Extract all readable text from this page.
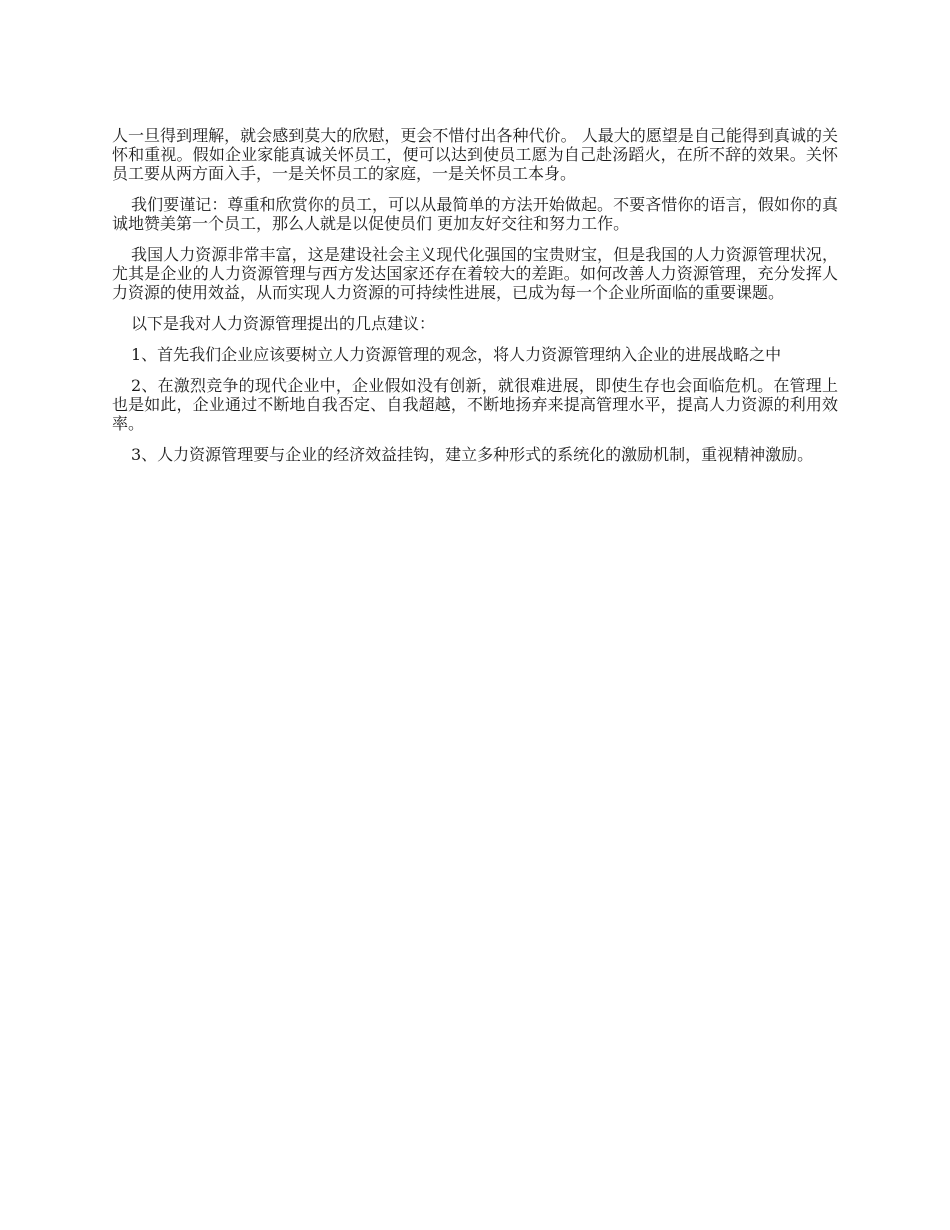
人一旦得到理解，就会感到莫大的欣慰，更会不惜付出各种代价。 人最大的愿望是自己能得到真诚的关怀和重视。假如企业家能真诚关怀员工，便可以达到使员工愿为自己赴汤蹈火，在所不辞的效果。关怀员工要从两方面入手，一是关怀员工的家庭，一是关怀员工本身。

我们要谨记：尊重和欣赏你的员工，可以从最简单的方法开始做起。不要吝惜你的语言，假如你的真诚地赞美第一个员工，那么人就是以促使员们 更加友好交往和努力工作。

我国人力资源非常丰富，这是建设社会主义现代化强国的宝贵财宝，但是我国的人力资源管理状况，尤其是企业的人力资源管理与西方发达国家还存在着较大的差距。如何改善人力资源管理，充分发挥人力资源的使用效益，从而实现人力资源的可持续性进展，已成为每一个企业所面临的重要课题。

以下是我对人力资源管理提出的几点建议：

1、首先我们企业应该要树立人力资源管理的观念，将人力资源管理纳入企业的进展战略之中

2、在激烈竞争的现代企业中，企业假如没有创新，就很难进展，即使生存也会面临危机。在管理上也是如此，企业通过不断地自我否定、自我超越，不断地扬弃来提高管理水平，提高人力资源的利用效率。

3、人力资源管理要与企业的经济效益挂钩，建立多种形式的系统化的激励机制，重视精神激励。
